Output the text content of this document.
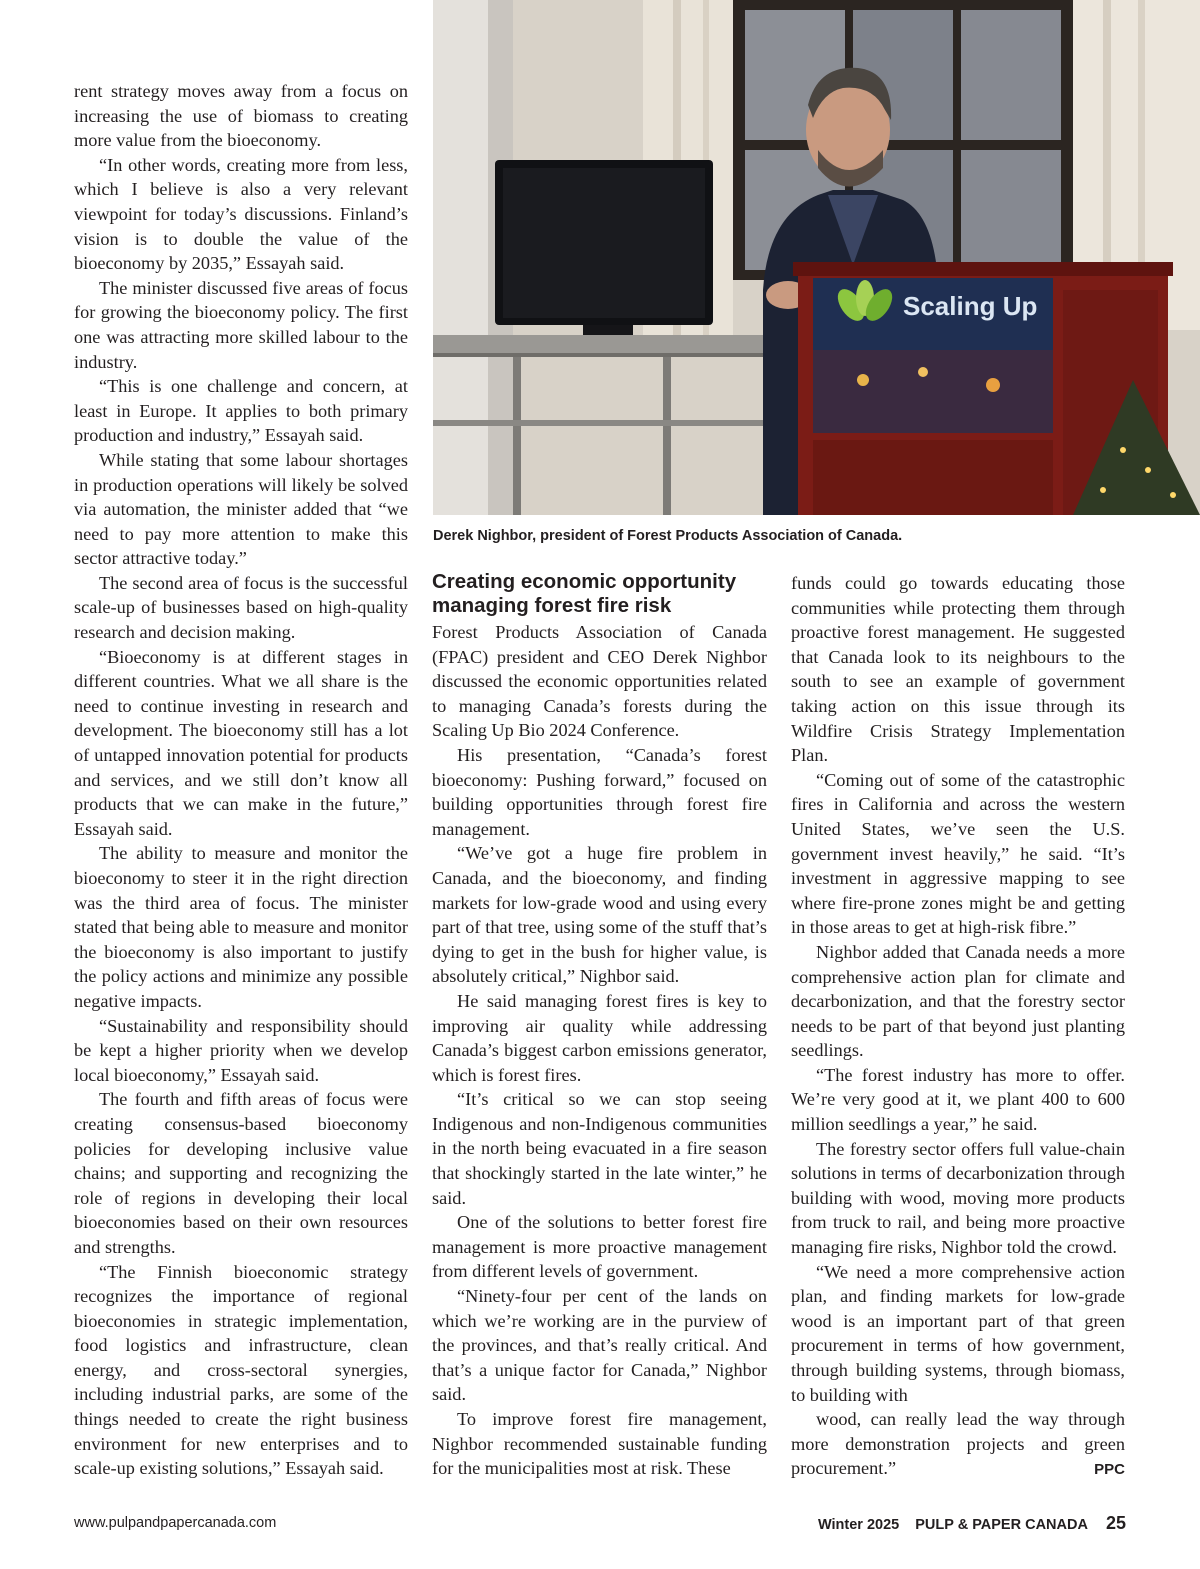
rent strategy moves away from a focus on increasing the use of biomass to creating more value from the bioeconomy.

“In other words, creating more from less, which I believe is also a very relevant viewpoint for today’s discussions. Finland’s vision is to double the value of the bioeconomy by 2035,” Essayah said.

The minister discussed five areas of focus for growing the bioeconomy policy. The first one was attracting more skilled labour to the industry.

“This is one challenge and concern, at least in Europe. It applies to both primary production and industry,” Essayah said.

While stating that some labour shortages in production operations will likely be solved via automation, the minister added that “we need to pay more attention to make this sector attractive today.”

The second area of focus is the successful scale-up of businesses based on high-quality research and decision making.

“Bioeconomy is at different stages in different countries. What we all share is the need to continue investing in research and development. The bioeconomy still has a lot of untapped innovation potential for products and services, and we still don’t know all products that we can make in the future,” Essayah said.

The ability to measure and monitor the bioeconomy to steer it in the right direction was the third area of focus. The minister stated that being able to measure and monitor the bioeconomy is also important to justify the policy actions and minimize any possible negative impacts.

“Sustainability and responsibility should be kept a higher priority when we develop local bioeconomy,” Essayah said.

The fourth and fifth areas of focus were creating consensus-based bioeconomy policies for developing inclusive value chains; and supporting and recognizing the role of regions in developing their local bioeconomies based on their own resources and strengths.

“The Finnish bioeconomic strategy recognizes the importance of regional bioeconomies in strategic implementation, food logistics and infrastructure, clean energy, and cross-sectoral synergies, including industrial parks, are some of the things needed to create the right business environment for new enterprises and to scale-up existing solutions,” Essayah said.

Scaling Up
Derek Nighbor, president of Forest Products Association of Canada.
Creating economic opportunity managing forest fire risk

Forest Products Association of Canada (FPAC) president and CEO Derek Nighbor discussed the economic opportunities related to managing Canada’s forests during the Scaling Up Bio 2024 Conference.

His presentation, “Canada’s forest bioeconomy: Pushing forward,” focused on building opportunities through forest fire management.

“We’ve got a huge fire problem in Canada, and the bioeconomy, and finding markets for low-grade wood and using every part of that tree, using some of the stuff that’s dying to get in the bush for higher value, is absolutely critical,” Nighbor said.

He said managing forest fires is key to improving air quality while addressing Canada’s biggest carbon emissions generator, which is forest fires.

“It’s critical so we can stop seeing Indigenous and non-Indigenous communities in the north being evacuated in a fire season that shockingly started in the late winter,” he said.

One of the solutions to better forest fire management is more proactive management from different levels of government.

“Ninety-four per cent of the lands on which we’re working are in the purview of the provinces, and that’s really critical. And that’s a unique factor for Canada,” Nighbor said.

To improve forest fire management, Nighbor recommended sustainable funding for the municipalities most at risk. These

funds could go towards educating those communities while protecting them through proactive forest management. He suggested that Canada look to its neighbours to the south to see an example of government taking action on this issue through its Wildfire Crisis Strategy Implementation Plan.

“Coming out of some of the catastrophic fires in California and across the western United States, we’ve seen the U.S. government invest heavily,” he said. “It’s investment in aggressive mapping to see where fire-prone zones might be and getting in those areas to get at high-risk fibre.”

Nighbor added that Canada needs a more comprehensive action plan for climate and decarbonization, and that the forestry sector needs to be part of that beyond just planting seedlings.

“The forest industry has more to offer. We’re very good at it, we plant 400 to 600 million seedlings a year,” he said.

The forestry sector offers full value-chain solutions in terms of decarbonization through building with wood, moving more products from truck to rail, and being more proactive managing fire risks, Nighbor told the crowd.

“We need a more comprehensive action plan, and finding markets for low-grade wood is an important part of that green procurement in terms of how government, through building systems, through biomass, to building with

wood, can really lead the way through more demonstration projects and green procurement.”	PPC

www.pulpandpapercanada.com	Winter 2025 PULP & PAPER CANADA 25
